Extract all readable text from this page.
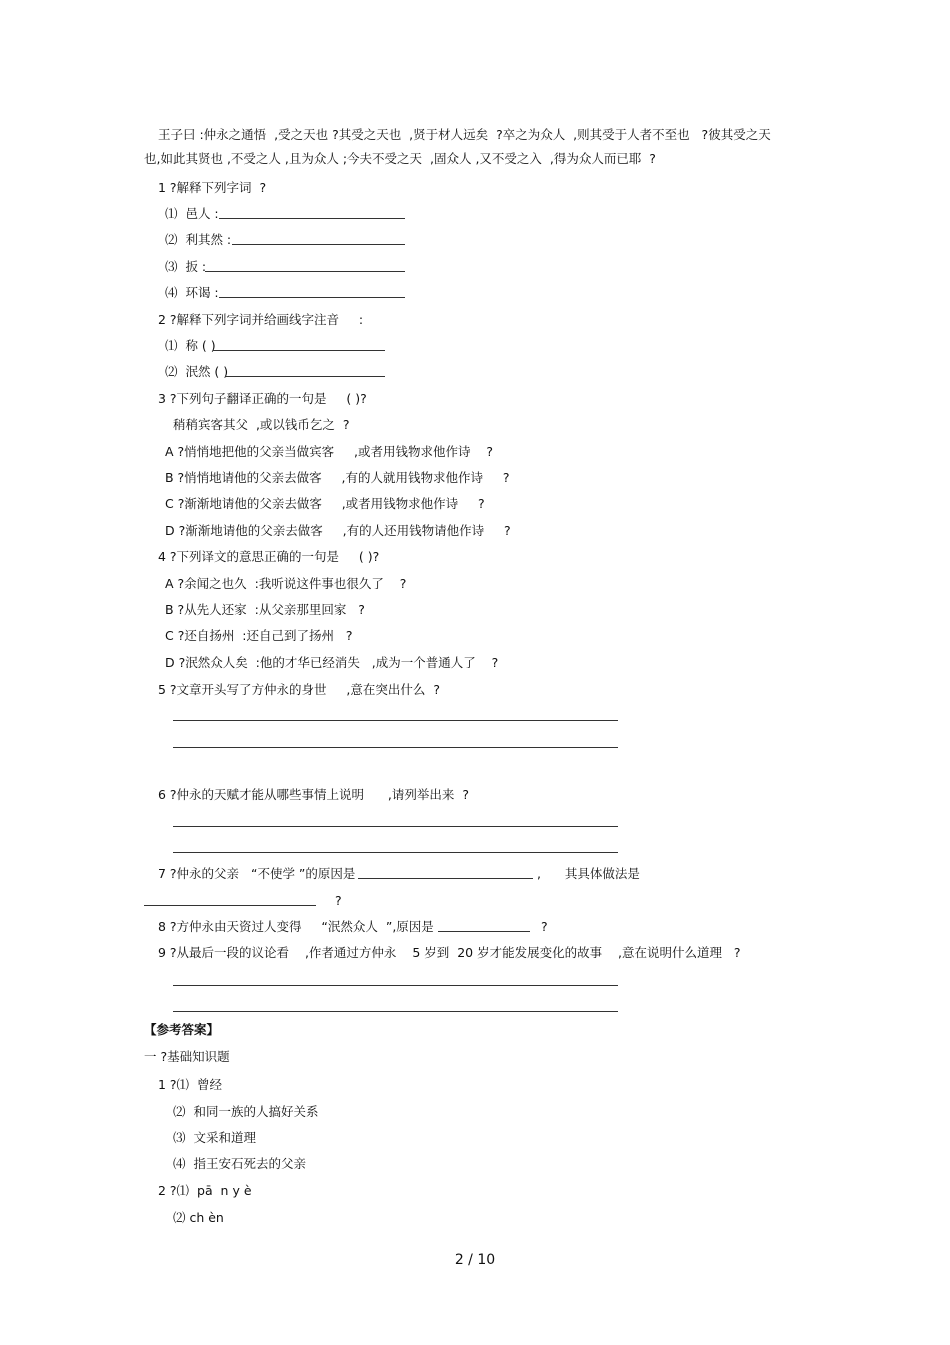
王子曰 :仲永之通悟  ,受之天也 ?其受之天也  ,贤于材人远矣  ?卒之为众人  ,则其受于人者不至也   ?彼其受之天
也,如此其贤也 ,不受之人 ,且为众人 ;今夫不受之天  ,固众人 ,又不受之入  ,得为众人而已耶  ?
1 ?解释下列字词  ?
⑴  邑人 :
⑵  利其然 :
⑶  扳 :
⑷  环谒 :
2 ?解释下列字词并给画线字注音     :
⑴  称 ( )
⑵  泯然 ( )
3 ?下列句子翻译正确的一句是     ( )?
稍稍宾客其父  ,或以钱币乞之  ?
A ?悄悄地把他的父亲当做宾客     ,或者用钱物求他作诗    ?
B ?悄悄地请他的父亲去做客     ,有的人就用钱物求他作诗     ?
C ?渐渐地请他的父亲去做客     ,或者用钱物求他作诗     ?
D ?渐渐地请他的父亲去做客     ,有的人还用钱物请他作诗     ?
4 ?下列译文的意思正确的一句是     ( )?
A ?余闻之也久  :我听说这件事也很久了    ?
B ?从先人还家  :从父亲那里回家   ?
C ?还自扬州  :还自己到了扬州   ?
D ?泯然众人矣  :他的才华已经消失   ,成为一个普通人了    ?
5 ?文章开头写了方仲永的身世     ,意在突出什么  ?
6 ?仲永的天赋才能从哪些事情上说明      ,请列举出来  ?
7 ?仲永的父亲   “不使学 ”的原因是	,      其具体做法是
?
8 ?方仲永由天资过人变得     “泯然众人  ”,原因是	?
9 ?从最后一段的议论看    ,作者通过方仲永    5 岁到  20 岁才能发展变化的故事    ,意在说明什么道理   ?
【参考答案】
一 ?基础知识题
1 ?⑴  曾经
⑵  和同一族的人搞好关系
⑶  文采和道理
⑷  指王安石死去的父亲
2 ?⑴  pā  n y è
⑵ ch èn
2 / 10
